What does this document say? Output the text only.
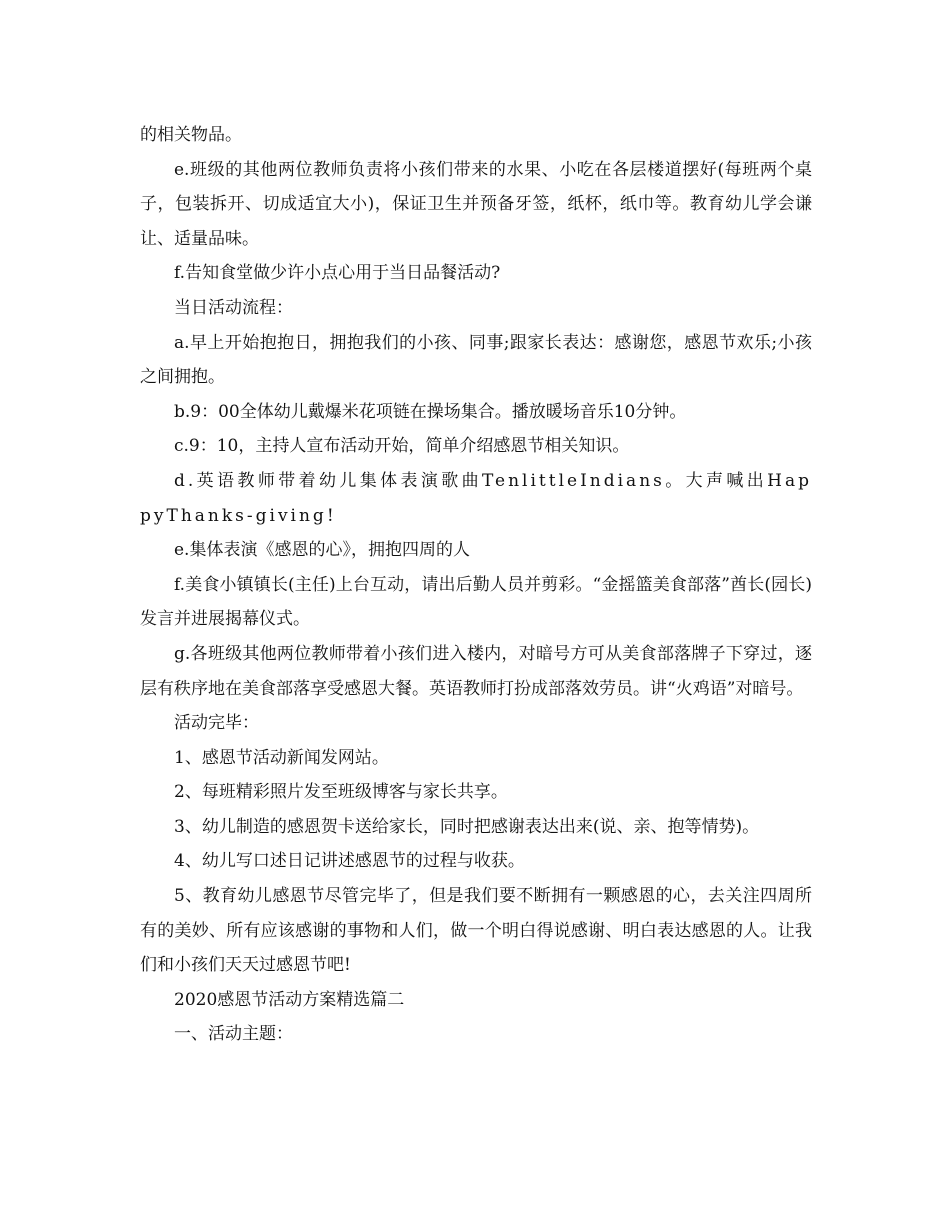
的相关物品。

e.班级的其他两位教师负责将小孩们带来的水果、小吃在各层楼道摆好(每班两个桌子，包装拆开、切成适宜大小)，保证卫生并预备牙签，纸杯，纸巾等。教育幼儿学会谦让、适量品味。

f.告知食堂做少许小点心用于当日品餐活动?

当日活动流程：

a.早上开始抱抱日，拥抱我们的小孩、同事;跟家长表达：感谢您，感恩节欢乐;小孩之间拥抱。

b.9：00全体幼儿戴爆米花项链在操场集合。播放暖场音乐10分钟。

c.9：10，主持人宣布活动开始，简单介绍感恩节相关知识。

d.英语教师带着幼儿集体表演歌曲TenlittleIndians。大声喊出HappyThanks-giving!

e.集体表演《感恩的心》，拥抱四周的人

f.美食小镇镇长(主任)上台互动，请出后勤人员并剪彩。“金摇篮美食部落”酋长(园长)发言并进展揭幕仪式。

g.各班级其他两位教师带着小孩们进入楼内，对暗号方可从美食部落牌子下穿过，逐层有秩序地在美食部落享受感恩大餐。英语教师打扮成部落效劳员。讲“火鸡语”对暗号。

活动完毕：

1、感恩节活动新闻发网站。

2、每班精彩照片发至班级博客与家长共享。

3、幼儿制造的感恩贺卡送给家长，同时把感谢表达出来(说、亲、抱等情势)。

4、幼儿写口述日记讲述感恩节的过程与收获。

5、教育幼儿感恩节尽管完毕了，但是我们要不断拥有一颗感恩的心，去关注四周所有的美妙、所有应该感谢的事物和人们，做一个明白得说感谢、明白表达感恩的人。让我们和小孩们天天过感恩节吧!

2020感恩节活动方案精选篇二

一、活动主题：
